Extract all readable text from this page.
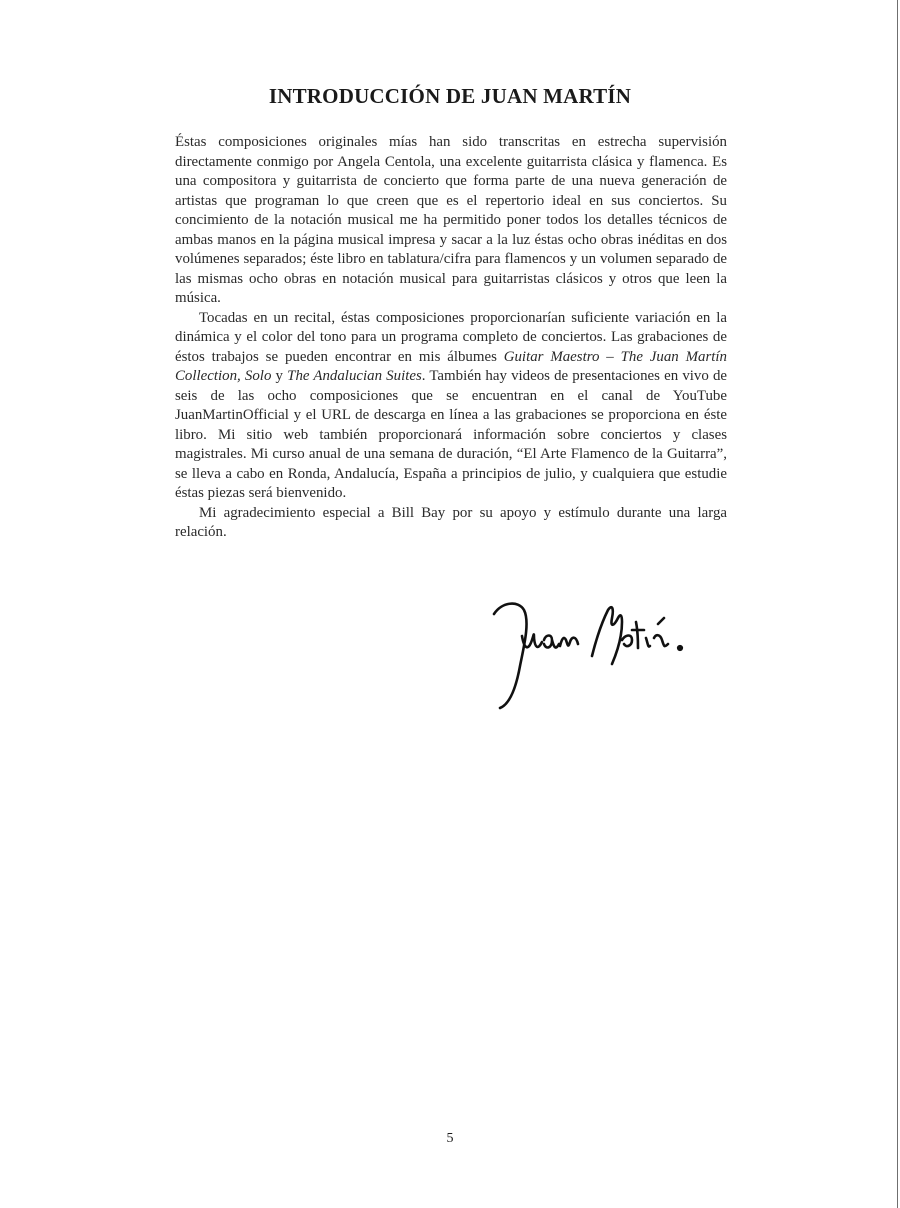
INTRODUCCIÓN DE JUAN MARTÍN

Éstas composiciones originales mías han sido transcritas en estrecha supervisión directamente conmigo por Angela Centola, una excelente guitarrista clásica y flamenca. Es una compositora y guitarrista de concierto que forma parte de una nueva generación de artistas que programan lo que creen que es el repertorio ideal en sus conciertos. Su concimiento de la notación musical me ha permitido poner todos los detalles técnicos de ambas manos en la página musical impresa y sacar a la luz éstas ocho obras inéditas en dos volúmenes separados; éste libro en tablatura/cifra para flamencos y un volumen separado de las mismas ocho obras en notación musical para guitarristas clásicos y otros que leen la música.

Tocadas en un recital, éstas composiciones proporcionarían suficiente variación en la dinámica y el color del tono para un programa completo de conciertos. Las grabaciones de éstos trabajos se pueden encontrar en mis álbumes Guitar Maestro – The Juan Martín Collection, Solo y The Andalucian Suites. También hay videos de presentaciones en vivo de seis de las ocho composiciones que se encuentran en el canal de YouTube JuanMartinOfficial y el URL de descarga en línea a las grabaciones se proporciona en éste libro. Mi sitio web también proporcionará información sobre conciertos y clases magistrales. Mi curso anual de una semana de duración, “El Arte Flamenco de la Guitarra”, se lleva a cabo en Ronda, Andalucía, España a principios de julio, y cualquiera que estudie éstas piezas será bienvenido.

Mi agradecimiento especial a Bill Bay por su apoyo y estímulo durante una larga relación.

5
